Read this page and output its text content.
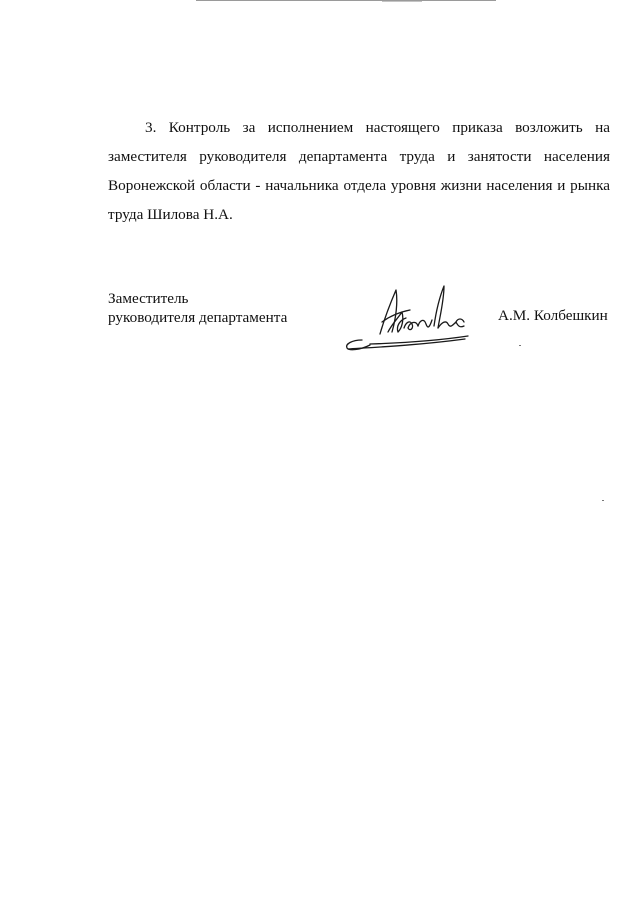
3. Контроль за исполнением настоящего приказа возложить на
заместителя руководителя департамента труда и занятости населения
Воронежской области - начальника отдела уровня жизни населения и рынка
труда Шилова Н.А.
Заместитель
руководителя департамента	А.М. Колбешкин
